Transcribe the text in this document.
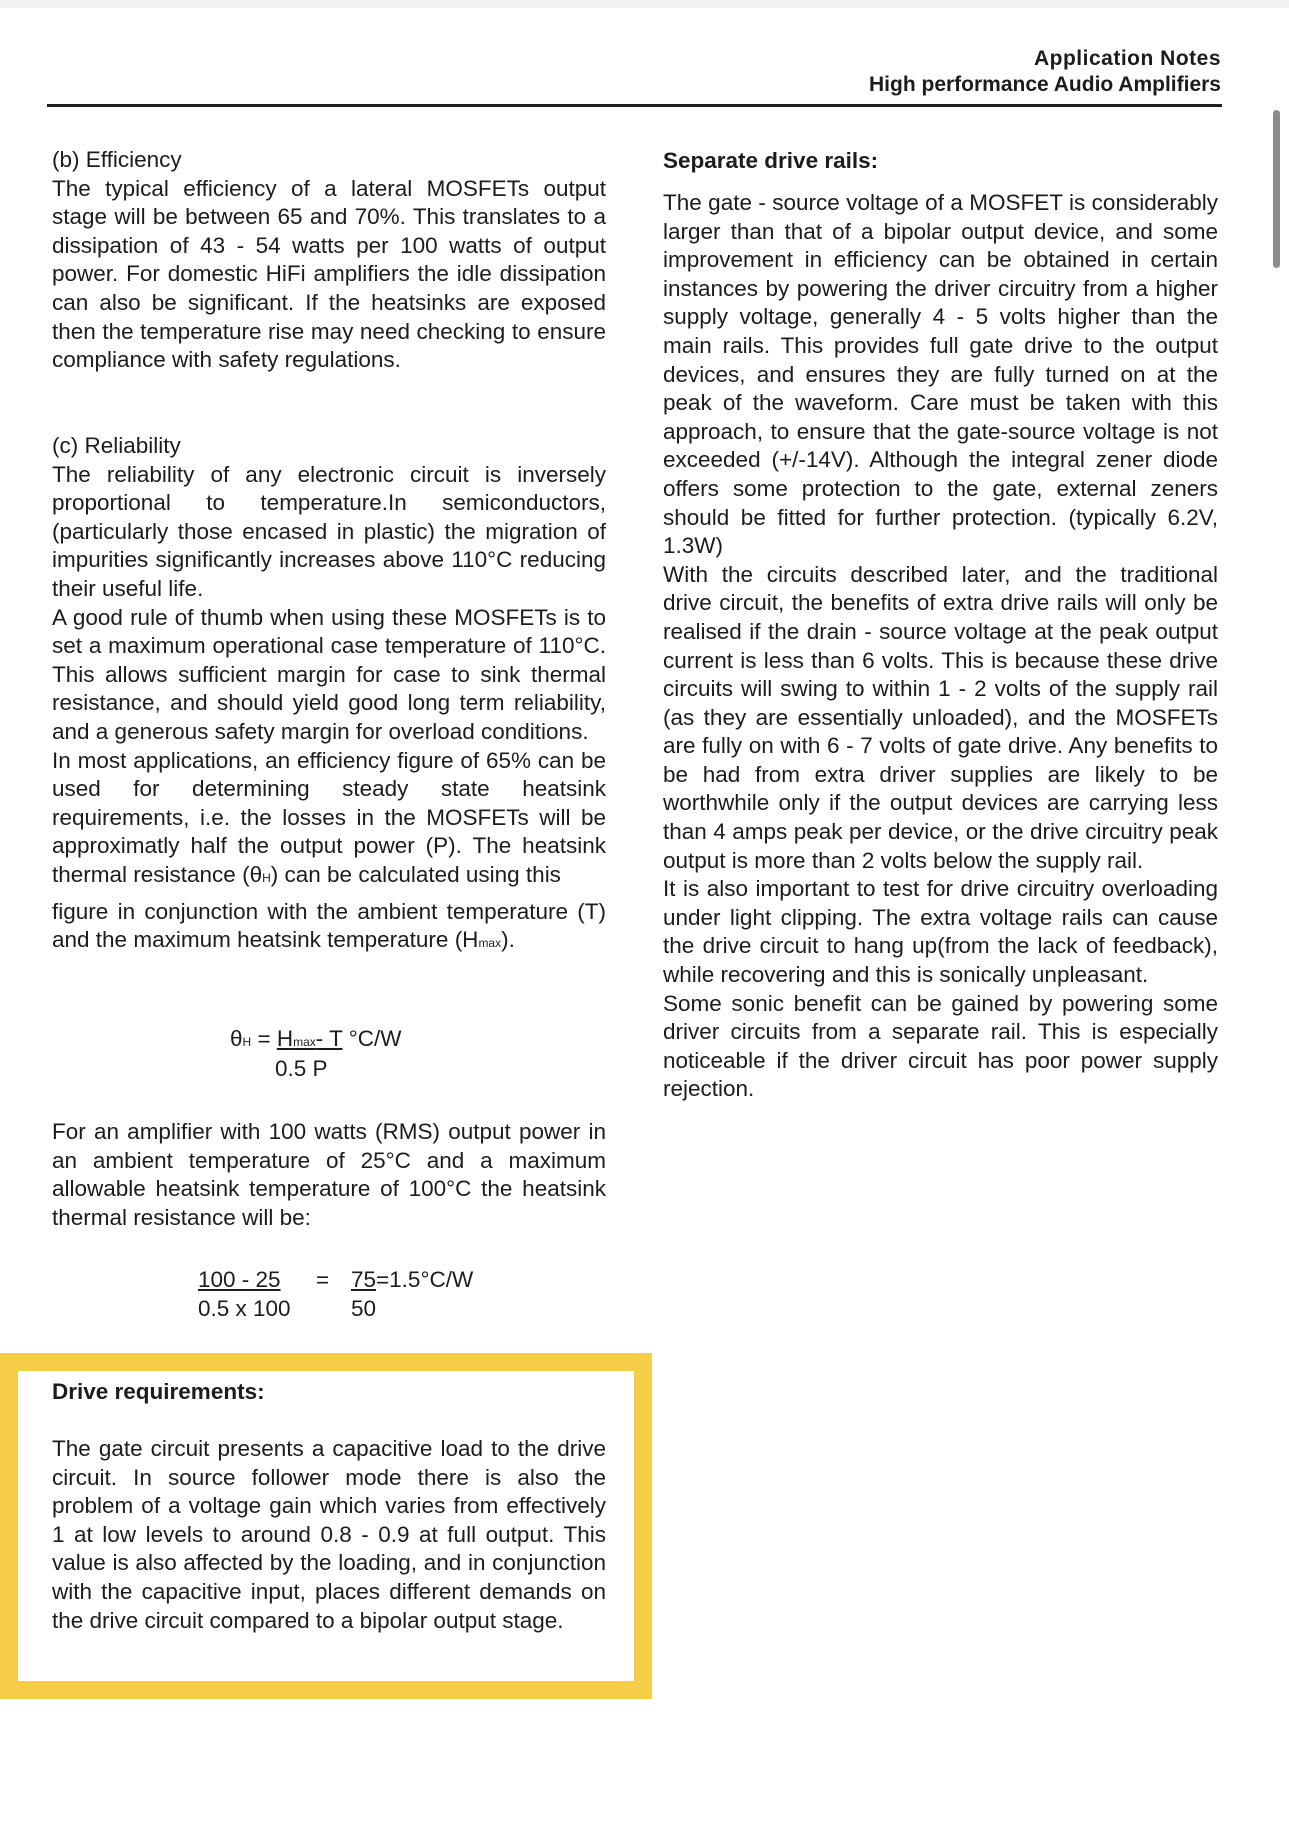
Application Notes
High performance Audio Amplifiers

(b) Efficiency

The typical efficiency of a lateral MOSFETs output stage will be between 65 and 70%. This translates to a dissipation of 43 - 54 watts per 100 watts of output power. For domestic HiFi amplifiers the idle dissipation can also be significant. If the heatsinks are exposed then the temperature rise may need checking to ensure compliance with safety regulations.

(c) Reliability

The reliability of any electronic circuit is inversely proportional to temperature.In semiconductors, (particularly those encased in plastic) the migration of impurities significantly increases above 110°C reducing their useful life.

A good rule of thumb when using these MOSFETs is to set a maximum operational case temperature of 110°C. This allows sufficient margin for case to sink thermal resistance, and should yield good long term reliability, and a generous safety margin for overload conditions.

In most applications, an efficiency figure of 65% can be used for determining steady state heatsink requirements, i.e. the losses in the MOSFETs will be approximatly half the output power (P). The heatsink thermal resistance (θH) can be calculated using this

figure in conjunction with the ambient temperature (T) and the maximum heatsink temperature (Hmax).

θH = Hmax- T °C/W
0.5 P
For an amplifier with 100 watts (RMS) output power in an ambient temperature of 25°C and a maximum allowable heatsink temperature of 100°C the heatsink thermal resistance will be:
100 - 25
0.5 x 100
= 75=1.5°C/W
50
Drive requirements:
The gate circuit presents a capacitive load to the drive circuit. In source follower mode there is also the problem of a voltage gain which varies from effectively 1 at low levels to around 0.8 - 0.9 at full output. This value is also affected by the loading, and in conjunction with the capacitive input, places different demands on the drive circuit compared to a bipolar output stage.
Separate drive rails:

The gate - source voltage of a MOSFET is considerably larger than that of a bipolar output device, and some improvement in efficiency can be obtained in certain instances by powering the driver circuitry from a higher supply voltage, generally 4 - 5 volts higher than the main rails. This provides full gate drive to the output devices, and ensures they are fully turned on at the peak of the waveform. Care must be taken with this approach, to ensure that the gate-source voltage is not exceeded (+/-14V). Although the integral zener diode offers some protection to the gate, external zeners should be fitted for further protection. (typically 6.2V, 1.3W)

With the circuits described later, and the traditional drive circuit, the benefits of extra drive rails will only be realised if the drain - source voltage at the peak output current is less than 6 volts. This is because these drive circuits will swing to within 1 - 2 volts of the supply rail (as they are essentially unloaded), and the MOSFETs are fully on with 6 - 7 volts of gate drive. Any benefits to be had from extra driver supplies are likely to be worthwhile only if the output devices are carrying less than 4 amps peak per device, or the drive circuitry peak output is more than 2 volts below the supply rail.

It is also important to test for drive circuitry overloading under light clipping. The extra voltage rails can cause the drive circuit to hang up(from the lack of feedback), while recovering and this is sonically unpleasant.

Some sonic benefit can be gained by powering some driver circuits from a separate rail. This is especially noticeable if the driver circuit has poor power supply rejection.
